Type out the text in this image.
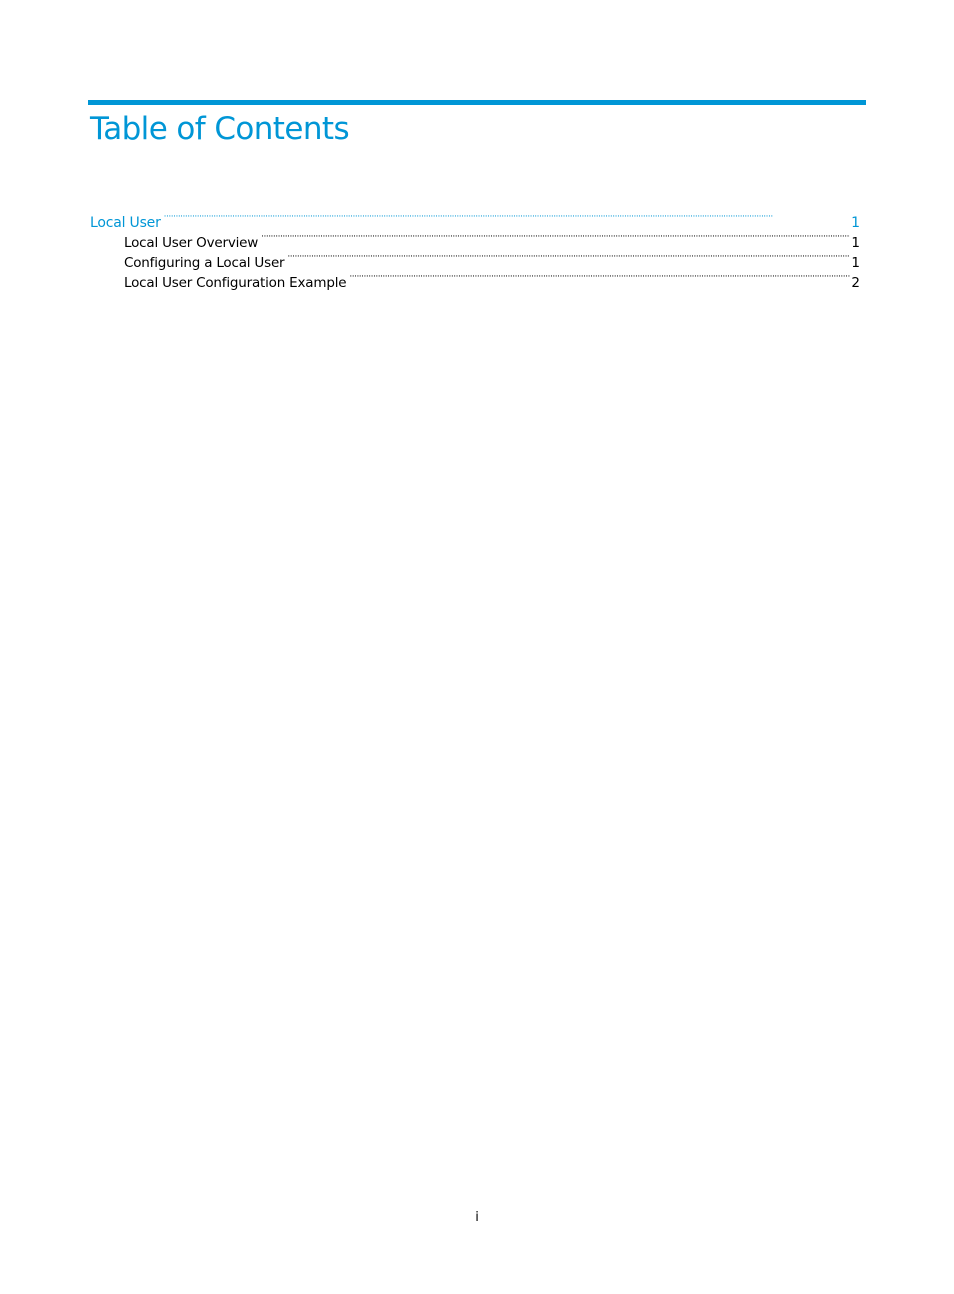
Table of Contents
Local User ·····	1
Local User Overview ·····	1
Configuring a Local User ·····	1
Local User Configuration Example ·····	2
i
